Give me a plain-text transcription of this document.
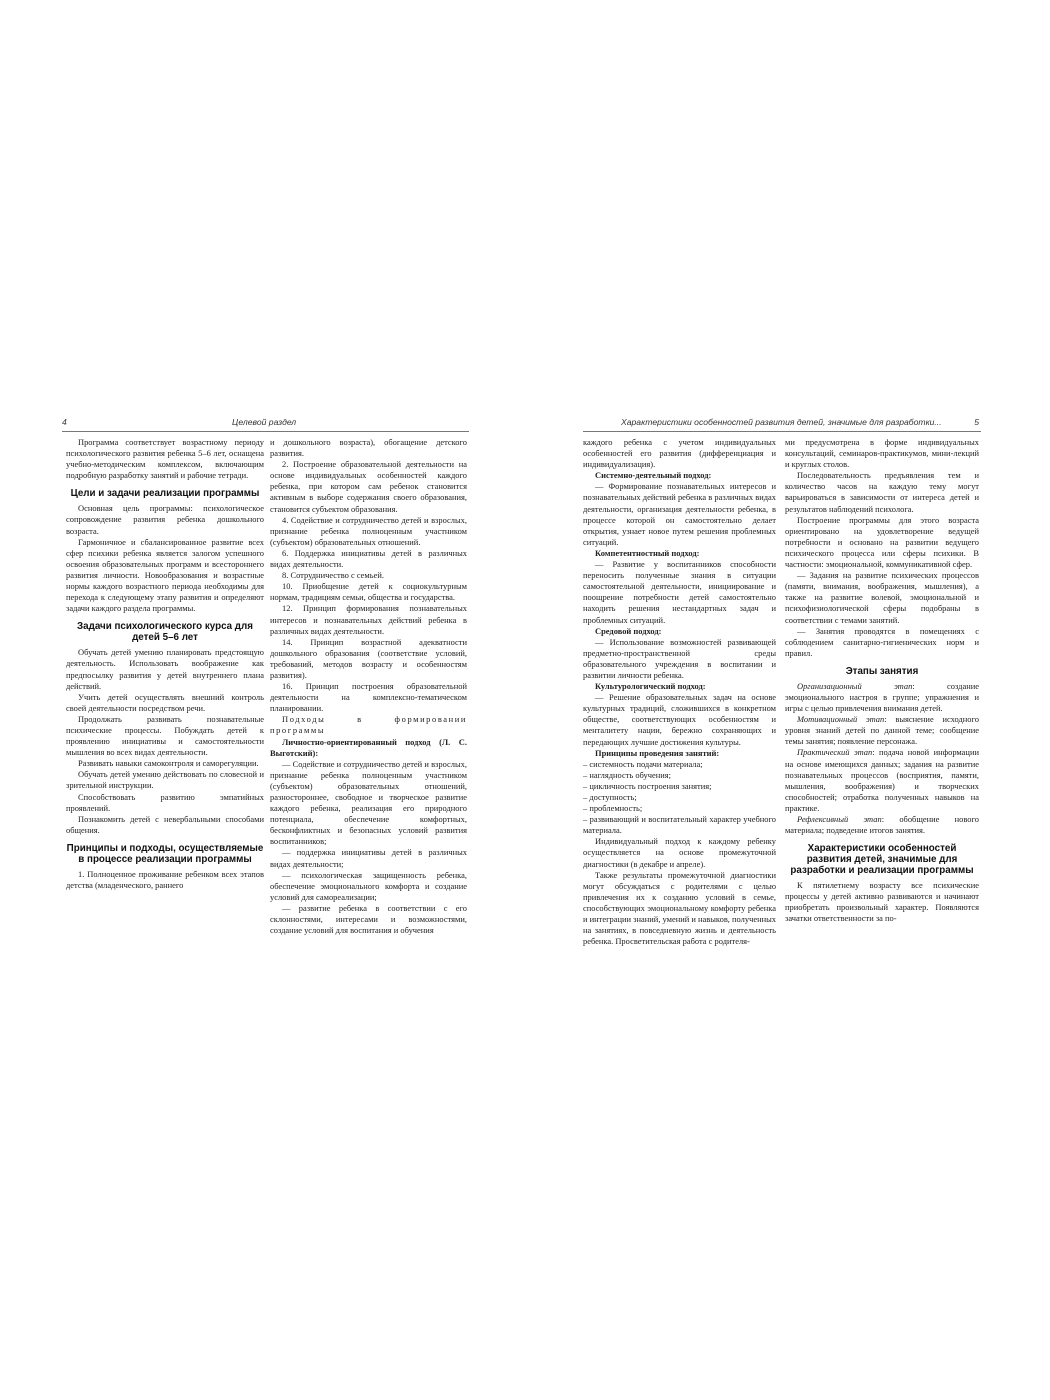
4	Целевой раздел

Программа соответствует возрастному периоду психологического развития ребенка 5–6 лет, оснащена учебно-методическим комплексом, включающим подробную разработку занятий и рабочие тетради.

Цели и задачи реализации программы

Основная цель программы: психологическое сопровождение развития ребенка дошкольного возраста.

Гармоничное и сбалансированное развитие всех сфер психики ребенка является залогом успешного освоения образовательных программ и всестороннего развития личности. Новообразования и возрастные нормы каждого возрастного периода необходимы для перехода к следующему этапу развития и определяют задачи каждого раздела программы.

Задачи психологического курса для детей 5–6 лет

Обучать детей умению планировать предстоящую деятельность. Использовать воображение как предпосылку развития у детей внутреннего плана действий.

Учить детей осуществлять внешний контроль своей деятельности посредством речи.

Продолжать развивать познавательные психические процессы. Побуждать детей к проявлению инициативы и самостоятельности мышления во всех видах деятельности.

Развивать навыки самоконтроля и саморегуляции.

Обучать детей умению действовать по словесной и зрительной инструкции.

Способствовать развитию эмпатийных проявлений.

Познакомить детей с невербальными способами общения.

Принципы и подходы, осуществляемые в процессе реализации программы

1. Полноценное проживание ребенком всех этапов детства (младенческого, раннего

и дошкольного возраста), обогащение детского развития.

2. Построение образовательной деятельности на основе индивидуальных особенностей каждого ребенка, при котором сам ребенок становится активным в выборе содержания своего образования, становится субъектом образования.

4. Содействие и сотрудничество детей и взрослых, признание ребенка полноценным участником (субъектом) образовательных отношений.

6. Поддержка инициативы детей в различных видах деятельности.

8. Сотрудничество с семьей.

10. Приобщение детей к социокультурным нормам, традициям семьи, общества и государства.

12. Принцип формирования познавательных интересов и познавательных действий ребенка в различных видах деятельности.

14. Принцип возрастной адекватности дошкольного образования (соответствие условий, требований, методов возрасту и особенностям развития).

16. Принцип построения образовательной деятельности на комплексно-тематическом планировании.

Подходы в формировании программы

Личностно-ориентированный подход (Л. С. Выготский):

— Содействие и сотрудничество детей и взрослых, признание ребенка полноценным участником (субъектом) образовательных отношений, разностороннее, свободное и творческое развитие каждого ребенка, реализация его природного потенциала, обеспечение комфортных, бесконфликтных и безопасных условий развития воспитанников;

— поддержка инициативы детей в различных видах деятельности;

— психологическая защищенность ребенка, обеспечение эмоционального комфорта и создание условий для самореализации;

— развитие ребенка в соответствии с его склонностями, интересами и возможностями, создание условий для воспитания и обучения

Характеристики особенностей развития детей, значимые для разработки...	5

каждого ребенка с учетом индивидуальных особенностей его развития (дифференциация и индивидуализация).

Системно-деятельный подход:

— Формирование познавательных интересов и познавательных действий ребенка в различных видах деятельности, организация деятельности ребенка, в процессе которой он самостоятельно делает открытия, узнает новое путем решения проблемных ситуаций.

Компетентностный подход:

— Развитие у воспитанников способности переносить полученные знания в ситуации самостоятельной деятельности, инициирование и поощрение потребности детей самостоятельно находить решения нестандартных задач и проблемных ситуаций.

Средовой подход:

— Использование возможностей развивающей предметно-пространственной среды образовательного учреждения в воспитании и развитии личности ребенка.

Культурологический подход:

— Решение образовательных задач на основе культурных традиций, сложившихся в конкретном обществе, соответствующих особенностям и менталитету нации, бережно сохраняющих и передающих лучшие достижения культуры.

Принципы проведения занятий:

– системность подачи материала;

– наглядность обучения;

– цикличность построения занятия;

– доступность;

– проблемность;

– развивающий и воспитательный характер учебного материала.

Индивидуальный подход к каждому ребенку осуществляется на основе промежуточной диагностики (в декабре и апреле).

Также результаты промежуточной диагностики могут обсуждаться с родителями с целью привлечения их к созданию условий в семье, способствующих эмоциональному комфорту ребенка и интеграции знаний, умений и навыков, полученных на занятиях, в повседневную жизнь и деятельность ребенка. Просветительская работа с родителя-

ми предусмотрена в форме индивидуальных консультаций, семинаров-практикумов, мини-лекций и круглых столов.

Последовательность предъявления тем и количество часов на каждую тему могут варьироваться в зависимости от интереса детей и результатов наблюдений психолога.

Построение программы для этого возраста ориентировано на удовлетворение ведущей потребности и основано на развитии ведущего психического процесса или сферы психики. В частности: эмоциональной, коммуникативной сфер.

— Задания на развитие психических процессов (памяти, внимания, воображения, мышления), а также на развитие волевой, эмоциональной и психофизиологической сферы подобраны в соответствии с темами занятий.

— Занятия проводятся в помещениях с соблюдением санитарно-гигиенических норм и правил.

Этапы занятия

Организационный этап: создание эмоционального настроя в группе; упражнения и игры с целью привлечения внимания детей.

Мотивационный этап: выяснение исходного уровня знаний детей по данной теме; сообщение темы занятия; появление персонажа.

Практический этап: подача новой информации на основе имеющихся данных; задания на развитие познавательных процессов (восприятия, памяти, мышления, воображения) и творческих способностей; отработка полученных навыков на практике.

Рефлексивный этап: обобщение нового материала; подведение итогов занятия.

Характеристики особенностей развития детей, значимые для разработки и реализации программы

К пятилетнему возрасту все психические процессы у детей активно развиваются и начинают приобретать произвольный характер. Появляются зачатки ответственности за по-
